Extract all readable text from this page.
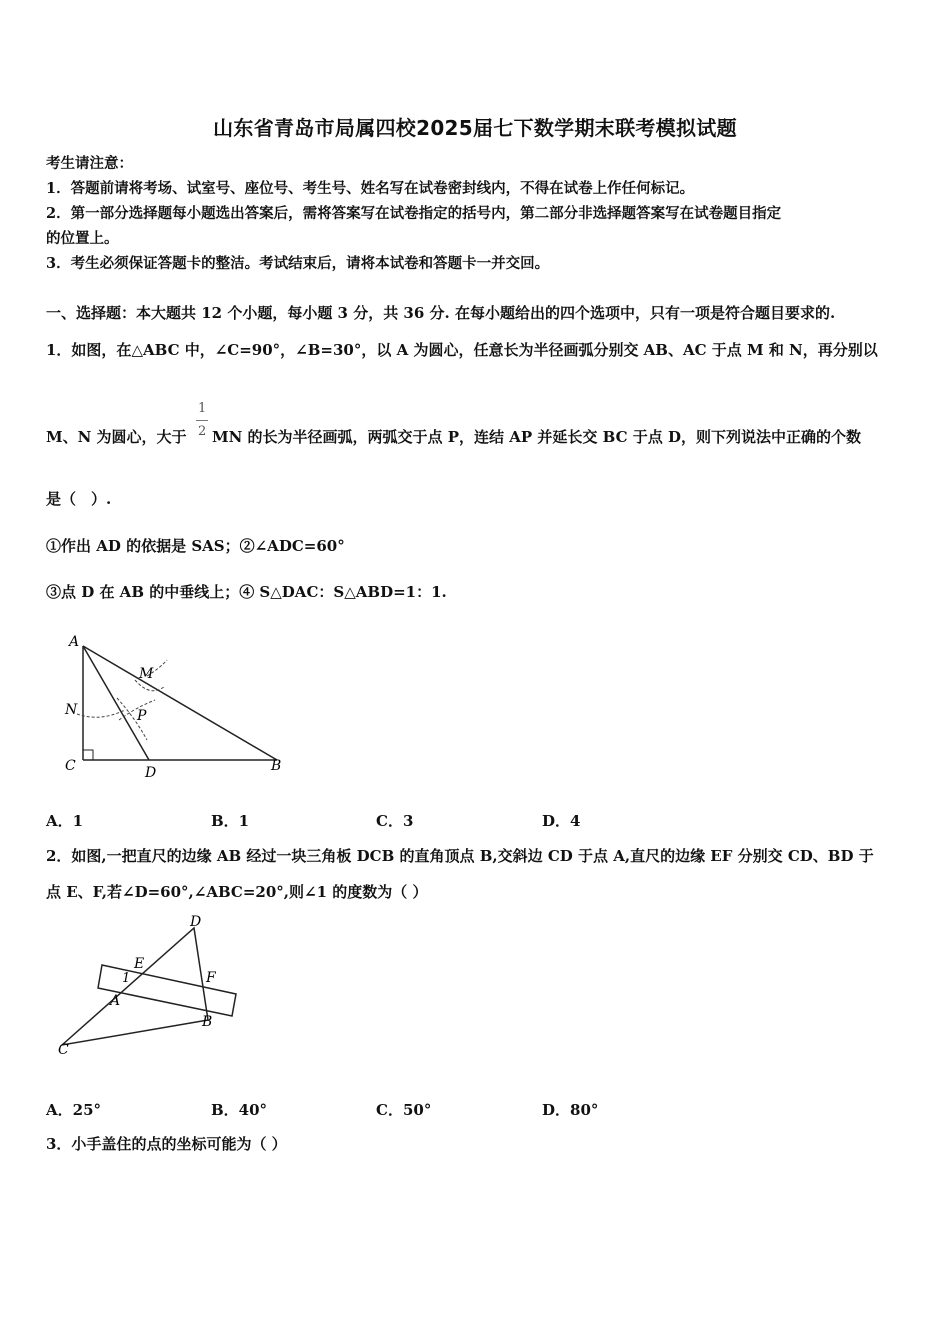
山东省青岛市局属四校2025届七下数学期末联考模拟试题
考生请注意：
1．答题前请将考场、试室号、座位号、考生号、姓名写在试卷密封线内，不得在试卷上作任何标记。
2．第一部分选择题每小题选出答案后，需将答案写在试卷指定的括号内，第二部分非选择题答案写在试卷题目指定
的位置上。
3．考生必须保证答题卡的整洁。考试结束后，请将本试卷和答题卡一并交回。
一、选择题：本大题共 12 个小题，每小题 3 分，共 36 分. 在每小题给出的四个选项中，只有一项是符合题目要求的.
1．如图，在△ABC 中，∠C=90°，∠B=30°，以 A 为圆心，任意长为半径画弧分别交 AB、AC 于点 M 和 N，再分别以
1
2
M、N 为圆心，大于 MN 的长为半径画弧，两弧交于点 P，连结 AP 并延长交 BC 于点 D，则下列说法中正确的个数
是（　）.
①作出 AD 的依据是 SAS；②∠ADC=60°
③点 D 在 AB 的中垂线上；④ S△DAC：S△ABD=1：1.
A
M
N	P
C	D	B
A．1	B．1	C．3	D．4
2．如图,一把直尺的边缘 AB 经过一块三角板 DCB 的直角顶点 B,交斜边 CD 于点 A,直尺的边缘 EF 分别交 CD、BD 于
点 E、F,若∠D=60°,∠ABC=20°,则∠1 的度数为（ ）
D
E
F
1
A
B
C
A．25°	B．40°	C．50°	D．80°
3．小手盖住的点的坐标可能为（ ）
